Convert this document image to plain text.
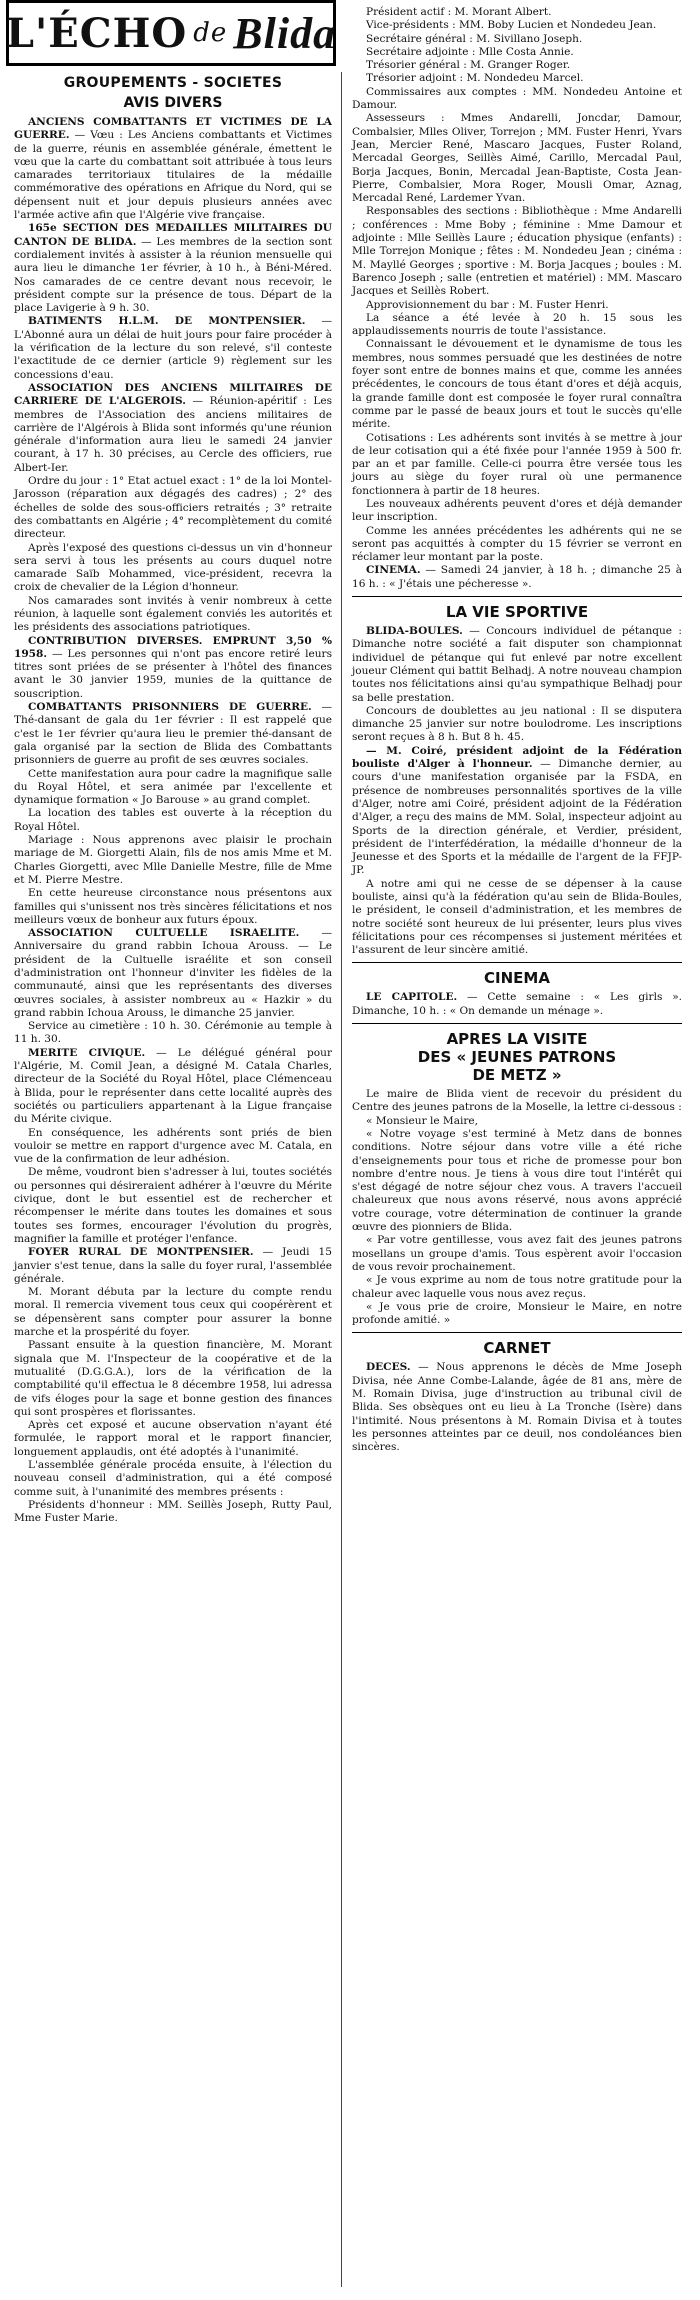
L'ÉCHO de Blida
GROUPEMENTS - SOCIETES
AVIS DIVERS

ANCIENS COMBATTANTS ET VICTIMES DE LA GUERRE. — Vœu : Les Anciens combattants et Victimes de la guerre, réunis en assemblée générale, émettent le vœu que la carte du combattant soit attribuée à tous leurs camarades territoriaux titulaires de la médaille commémorative des opérations en Afrique du Nord, qui se dépensent nuit et jour depuis plusieurs années avec l'armée active afin que l'Algérie vive française.

165e SECTION DES MEDAILLES MILITAIRES DU CANTON DE BLIDA. — Les membres de la section sont cordialement invités à assister à la réunion mensuelle qui aura lieu le dimanche 1er février, à 10 h., à Béni-Méred. Nos camarades de ce centre devant nous recevoir, le président compte sur la présence de tous. Départ de la place Lavigerie à 9 h. 30.

BATIMENTS H.L.M. DE MONTPENSIER. — L'Abonné aura un délai de huit jours pour faire procéder à la vérification de la lecture du son relevé, s'il conteste l'exactitude de ce dernier (article 9) règlement sur les concessions d'eau.

ASSOCIATION DES ANCIENS MILITAIRES DE CARRIERE DE L'ALGEROIS. — Réunion-apéritif : Les membres de l'Association des anciens militaires de carrière de l'Algérois à Blida sont informés qu'une réunion générale d'information aura lieu le samedi 24 janvier courant, à 17 h. 30 précises, au Cercle des officiers, rue Albert-Ier.

Ordre du jour : 1° Etat actuel exact : 1° de la loi Montel-Jarosson (réparation aux dégagés des cadres) ; 2° des échelles de solde des sous-officiers retraités ; 3° retraite des combattants en Algérie ; 4° recomplètement du comité directeur.

Après l'exposé des questions ci-dessus un vin d'honneur sera servi à tous les présents au cours duquel notre camarade Saïb Mohammed, vice-président, recevra la croix de chevalier de la Légion d'honneur.

Nos camarades sont invités à venir nombreux à cette réunion, à laquelle sont également conviés les autorités et les présidents des associations patriotiques.

CONTRIBUTION DIVERSES. EMPRUNT 3,50 % 1958. — Les personnes qui n'ont pas encore retiré leurs titres sont priées de se présenter à l'hôtel des finances avant le 30 janvier 1959, munies de la quittance de souscription.

COMBATTANTS PRISONNIERS DE GUERRE. — Thé-dansant de gala du 1er février : Il est rappelé que c'est le 1er février qu'aura lieu le premier thé-dansant de gala organisé par la section de Blida des Combattants prisonniers de guerre au profit de ses œuvres sociales.

Cette manifestation aura pour cadre la magnifique salle du Royal Hôtel, et sera animée par l'excellente et dynamique formation « Jo Barouse » au grand complet.

La location des tables est ouverte à la réception du Royal Hôtel.

Mariage : Nous apprenons avec plaisir le prochain mariage de M. Giorgetti Alain, fils de nos amis Mme et M. Charles Giorgetti, avec Mlle Danielle Mestre, fille de Mme et M. Pierre Mestre.

En cette heureuse circonstance nous présentons aux familles qui s'unissent nos très sincères félicitations et nos meilleurs vœux de bonheur aux futurs époux.

ASSOCIATION CULTUELLE ISRAELITE. — Anniversaire du grand rabbin Ichoua Arouss. — Le président de la Cultuelle israélite et son conseil d'administration ont l'honneur d'inviter les fidèles de la communauté, ainsi que les représentants des diverses œuvres sociales, à assister nombreux au « Hazkir » du grand rabbin Ichoua Arouss, le dimanche 25 janvier.

Service au cimetière : 10 h. 30. Cérémonie au temple à 11 h. 30.

MERITE CIVIQUE. — Le délégué général pour l'Algérie, M. Comil Jean, a désigné M. Catala Charles, directeur de la Société du Royal Hôtel, place Clémenceau à Blida, pour le représenter dans cette localité auprès des sociétés ou particuliers appartenant à la Ligue française du Mérite civique.

En conséquence, les adhérents sont priés de bien vouloir se mettre en rapport d'urgence avec M. Catala, en vue de la confirmation de leur adhésion.

De même, voudront bien s'adresser à lui, toutes sociétés ou personnes qui désireraient adhérer à l'œuvre du Mérite civique, dont le but essentiel est de rechercher et récompenser le mérite dans toutes les domaines et sous toutes ses formes, encourager l'évolution du progrès, magnifier la famille et protéger l'enfance.

FOYER RURAL DE MONTPENSIER. — Jeudi 15 janvier s'est tenue, dans la salle du foyer rural, l'assemblée générale.

M. Morant débuta par la lecture du compte rendu moral. Il remercia vivement tous ceux qui coopérèrent et se dépensèrent sans compter pour assurer la bonne marche et la prospérité du foyer.

Passant ensuite à la question financière, M. Morant signala que M. l'Inspecteur de la coopérative et de la mutualité (D.G.G.A.), lors de la vérification de la comptabilité qu'il effectua le 8 décembre 1958, lui adressa de vifs éloges pour la sage et bonne gestion des finances qui sont prospères et florissantes.

Après cet exposé et aucune observation n'ayant été formulée, le rapport moral et le rapport financier, longuement applaudis, ont été adoptés à l'unanimité.

L'assemblée générale procéda ensuite, à l'élection du nouveau conseil d'administration, qui a été composé comme suit, à l'unanimité des membres présents :

Présidents d'honneur : MM. Seillès Joseph, Rutty Paul, Mme Fuster Marie.

Président actif : M. Morant Albert.

Vice-présidents : MM. Boby Lucien et Nondedeu Jean.

Secrétaire général : M. Sivillano Joseph.

Secrétaire adjointe : Mlle Costa Annie.

Trésorier général : M. Granger Roger.

Trésorier adjoint : M. Nondedeu Marcel.

Commissaires aux comptes : MM. Nondedeu Antoine et Damour.

Assesseurs : Mmes Andarelli, Joncdar, Damour, Combalsier, Mlles Oliver, Torrejon ; MM. Fuster Henri, Yvars Jean, Mercier René, Mascaro Jacques, Fuster Roland, Mercadal Georges, Seillès Aimé, Carillo, Mercadal Paul, Borja Jacques, Bonin, Mercadal Jean-Baptiste, Costa Jean-Pierre, Combalsier, Mora Roger, Mousli Omar, Aznag, Mercadal René, Lardemer Yvan.

Responsables des sections : Bibliothèque : Mme Andarelli ; conférences : Mme Boby ; féminine : Mme Damour et adjointe : Mlle Seillès Laure ; éducation physique (enfants) : Mlle Torrejon Monique ; fêtes : M. Nondedeu Jean ; cinéma : M. Mayllé Georges ; sportive : M. Borja Jacques ; boules : M. Barenco Joseph ; salle (entretien et matériel) : MM. Mascaro Jacques et Seillès Robert.

Approvisionnement du bar : M. Fuster Henri.

La séance a été levée à 20 h. 15 sous les applaudissements nourris de toute l'assistance.

Connaissant le dévouement et le dynamisme de tous les membres, nous sommes persuadé que les destinées de notre foyer sont entre de bonnes mains et que, comme les années précédentes, le concours de tous étant d'ores et déjà acquis, la grande famille dont est composée le foyer rural connaîtra comme par le passé de beaux jours et tout le succès qu'elle mérite.

Cotisations : Les adhérents sont invités à se mettre à jour de leur cotisation qui a été fixée pour l'année 1959 à 500 fr. par an et par famille. Celle-ci pourra être versée tous les jours au siège du foyer rural où une permanence fonctionnera à partir de 18 heures.

Les nouveaux adhérents peuvent d'ores et déjà demander leur inscription.

Comme les années précédentes les adhérents qui ne se seront pas acquittés à compter du 15 février se verront en réclamer leur montant par la poste.

CINEMA. — Samedi 24 janvier, à 18 h. ; dimanche 25 à 16 h. : « J'étais une pécheresse ».

LA VIE SPORTIVE

BLIDA-BOULES. — Concours individuel de pétanque : Dimanche notre société a fait disputer son championnat individuel de pétanque qui fut enlevé par notre excellent joueur Clément qui battit Belhadj. A notre nouveau champion toutes nos félicitations ainsi qu'au sympathique Belhadj pour sa belle prestation.

Concours de doublettes au jeu national : Il se disputera dimanche 25 janvier sur notre boulodrome. Les inscriptions seront reçues à 8 h. But 8 h. 45.

— M. Coiré, président adjoint de la Fédération bouliste d'Alger à l'honneur. — Dimanche dernier, au cours d'une manifestation organisée par la FSDA, en présence de nombreuses personnalités sportives de la ville d'Alger, notre ami Coiré, président adjoint de la Fédération d'Alger, a reçu des mains de MM. Solal, inspecteur adjoint au Sports de la direction générale, et Verdier, président, président de l'interfédération, la médaille d'honneur de la Jeunesse et des Sports et la médaille de l'argent de la FFJP-JP.

A notre ami qui ne cesse de se dépenser à la cause bouliste, ainsi qu'à la fédération qu'au sein de Blida-Boules, le président, le conseil d'administration, et les membres de notre société sont heureux de lui présenter, leurs plus vives félicitations pour ces récompenses si justement méritées et l'assurent de leur sincère amitié.

CINEMA

LE CAPITOLE. — Cette semaine : « Les girls ». Dimanche, 10 h. : « On demande un ménage ».

APRES LA VISITE
DES « JEUNES PATRONS
DE METZ »

Le maire de Blida vient de recevoir du président du Centre des jeunes patrons de la Moselle, la lettre ci-dessous :

« Monsieur le Maire,

« Notre voyage s'est terminé à Metz dans de bonnes conditions. Notre séjour dans votre ville a été riche d'enseignements pour tous et riche de promesse pour bon nombre d'entre nous. Je tiens à vous dire tout l'intérêt qui s'est dégagé de notre séjour chez vous. A travers l'accueil chaleureux que nous avons réservé, nous avons apprécié votre courage, votre détermination de continuer la grande œuvre des pionniers de Blida.

« Par votre gentillesse, vous avez fait des jeunes patrons mosellans un groupe d'amis. Tous espèrent avoir l'occasion de vous revoir prochainement.

« Je vous exprime au nom de tous notre gratitude pour la chaleur avec laquelle vous nous avez reçus.

« Je vous prie de croire, Monsieur le Maire, en notre profonde amitié. »

CARNET

DECES. — Nous apprenons le décès de Mme Joseph Divisa, née Anne Combe-Lalande, âgée de 81 ans, mère de M. Romain Divisa, juge d'instruction au tribunal civil de Blida. Ses obsèques ont eu lieu à La Tronche (Isère) dans l'intimité. Nous présentons à M. Romain Divisa et à toutes les personnes atteintes par ce deuil, nos condoléances bien sincères.
